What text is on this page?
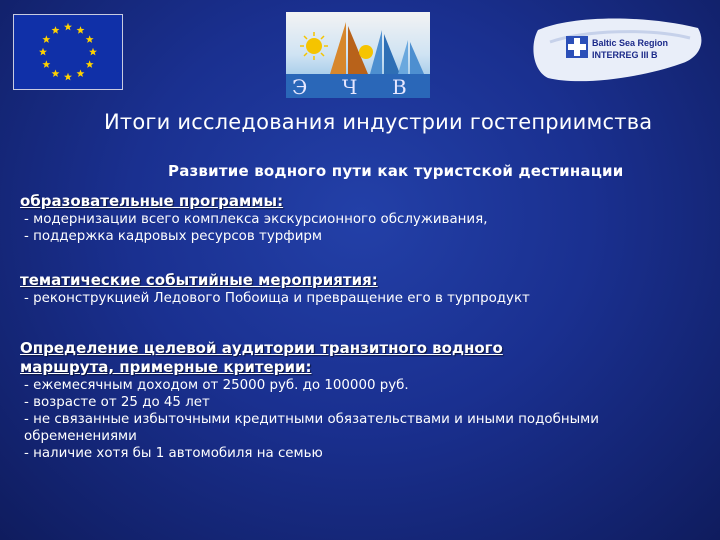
Э Ч В
Baltic Sea Region
INTERREG III B
Итоги исследования индустрии гостеприимства
Развитие водного пути как туристской дестинации
образовательные программы:
- модернизации всего комплекса экскурсионного обслуживания,
- поддержка кадровых ресурсов турфирм
тематические событийные мероприятия:
- реконструкцией Ледового Побоища и превращение его в турпродукт
Определение целевой аудитории транзитного водного маршрута, примерные критерии:
- ежемесячным доходом от 25000 руб. до 100000 руб.
- возрасте от 25 до 45 лет
- не связанные избыточными кредитными обязательствами и иными подобными обременениями
- наличие хотя бы 1 автомобиля на семью
